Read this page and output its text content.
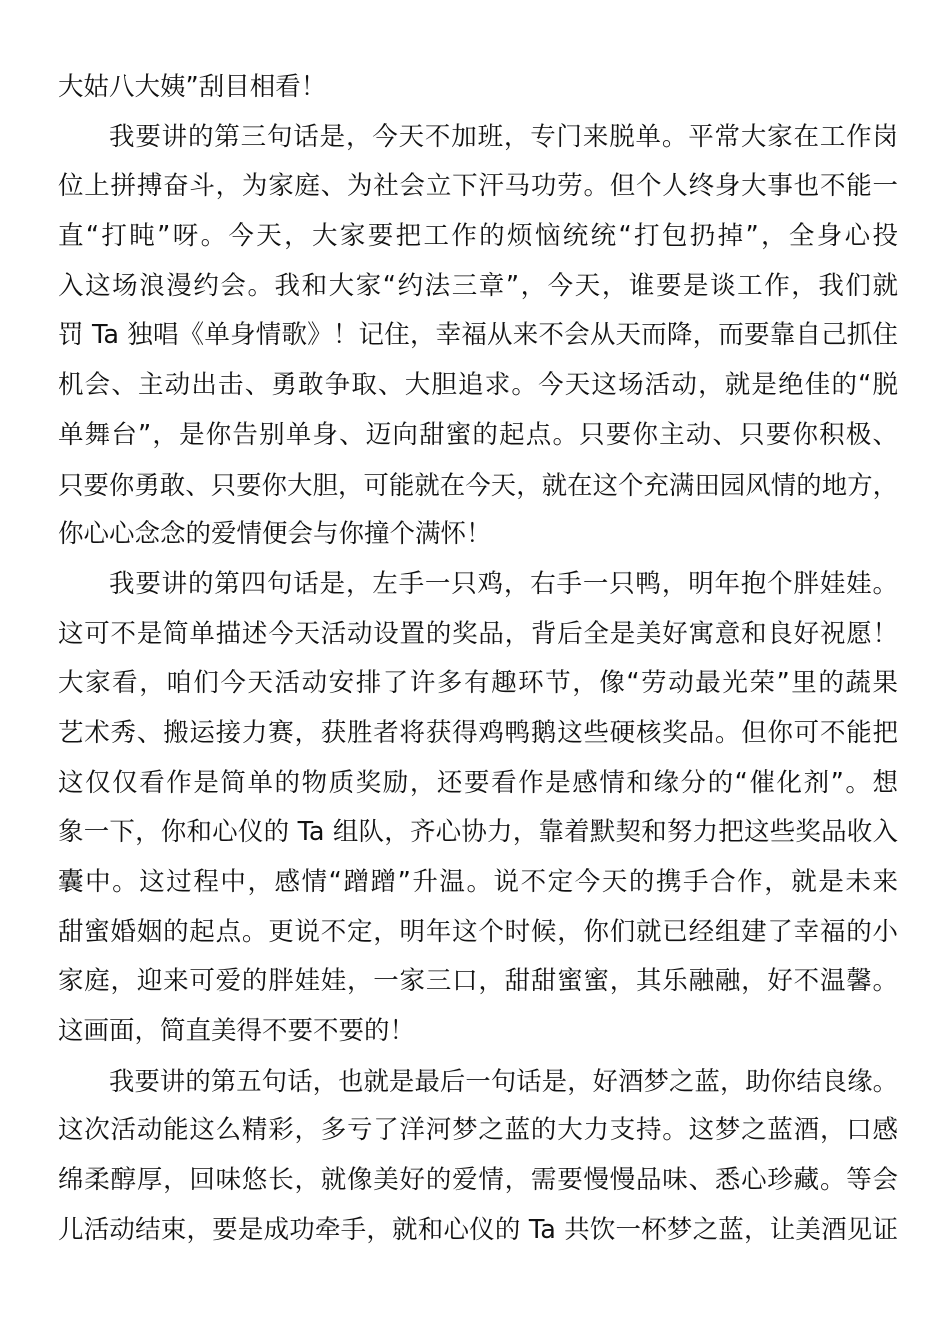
大姑八大姨”刮目相看！
我要讲的第三句话是，今天不加班，专门来脱单。平常大家在工作岗
位上拼搏奋斗，为家庭、为社会立下汗马功劳。但个人终身大事也不能一
直“打盹”呀。今天，大家要把工作的烦恼统统“打包扔掉”，全身心投
入这场浪漫约会。我和大家“约法三章”，今天，谁要是谈工作，我们就
罚 Ta 独唱《单身情歌》！记住，幸福从来不会从天而降，而要靠自己抓住
机会、主动出击、勇敢争取、大胆追求。今天这场活动，就是绝佳的“脱
单舞台”，是你告别单身、迈向甜蜜的起点。只要你主动、只要你积极、
只要你勇敢、只要你大胆，可能就在今天，就在这个充满田园风情的地方，
你心心念念的爱情便会与你撞个满怀！
我要讲的第四句话是，左手一只鸡，右手一只鸭，明年抱个胖娃娃。
这可不是简单描述今天活动设置的奖品，背后全是美好寓意和良好祝愿！
大家看，咱们今天活动安排了许多有趣环节，像“劳动最光荣”里的蔬果
艺术秀、搬运接力赛，获胜者将获得鸡鸭鹅这些硬核奖品。但你可不能把
这仅仅看作是简单的物质奖励，还要看作是感情和缘分的“催化剂”。想
象一下，你和心仪的 Ta 组队，齐心协力，靠着默契和努力把这些奖品收入
囊中。这过程中，感情“蹭蹭”升温。说不定今天的携手合作，就是未来
甜蜜婚姻的起点。更说不定，明年这个时候，你们就已经组建了幸福的小
家庭，迎来可爱的胖娃娃，一家三口，甜甜蜜蜜，其乐融融，好不温馨。
这画面，简直美得不要不要的！
我要讲的第五句话，也就是最后一句话是，好酒梦之蓝，助你结良缘。
这次活动能这么精彩，多亏了洋河梦之蓝的大力支持。这梦之蓝酒，口感
绵柔醇厚，回味悠长，就像美好的爱情，需要慢慢品味、悉心珍藏。等会
儿活动结束，要是成功牵手，就和心仪的 Ta 共饮一杯梦之蓝，让美酒见证
